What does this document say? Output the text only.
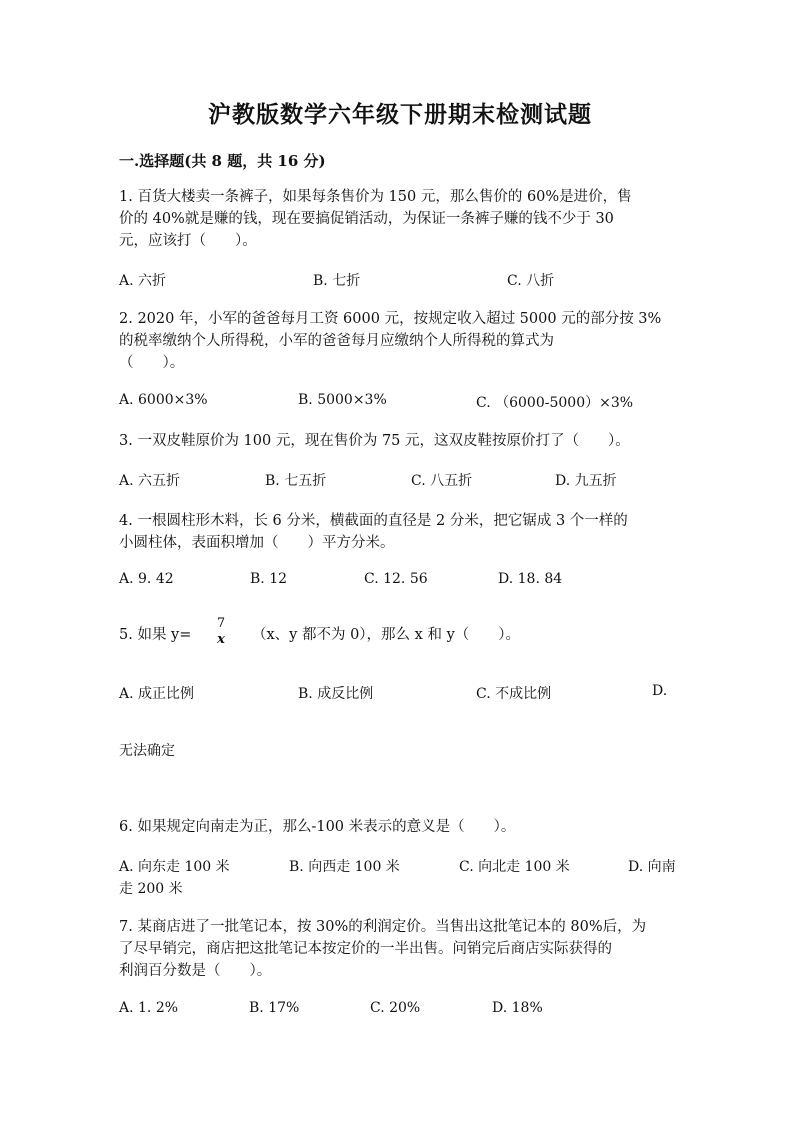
沪教版数学六年级下册期末检测试题
一.选择题(共 8 题，共 16 分)
1. 百货大楼卖一条裤子，如果每条售价为 150 元，那么售价的 60%是进价，售
价的 40%就是赚的钱，现在要搞促销活动，为保证一条裤子赚的钱不少于 30
元，应该打（　　）。
A. 六折	B. 七折	C. 八折
2. 2020 年，小军的爸爸每月工资 6000 元，按规定收入超过 5000 元的部分按 3%
的税率缴纳个人所得税，小军的爸爸每月应缴纳个人所得税的算式为
（　　）。
A. 6000×3%	B. 5000×3%	C. （6000-5000）×3%
3. 一双皮鞋原价为 100 元，现在售价为 75 元，这双皮鞋按原价打了（　　）。
A. 六五折	B. 七五折	C. 八五折	D. 九五折
4. 一根圆柱形木料，长 6 分米，横截面的直径是 2 分米，把它锯成 3 个一样的
小圆柱体，表面积增加（　　）平方分米。
A. 9. 42	B. 12	C. 12. 56	D. 18. 84
5. 如果 y=
7
x	（x、y 都不为 0），那么 x 和 y（　　）。
A. 成正比例	B. 成反比例	C. 不成比例	D.
无法确定
6. 如果规定向南走为正，那么-100 米表示的意义是（　　）。
A. 向东走 100 米	B. 向西走 100 米	C. 向北走 100 米	D. 向南
走 200 米
7. 某商店进了一批笔记本，按 30%的利润定价。当售出这批笔记本的 80%后，为
了尽早销完，商店把这批笔记本按定价的一半出售。问销完后商店实际获得的
利润百分数是（　　）。
A. 1. 2%	B. 17%	C. 20%	D. 18%
